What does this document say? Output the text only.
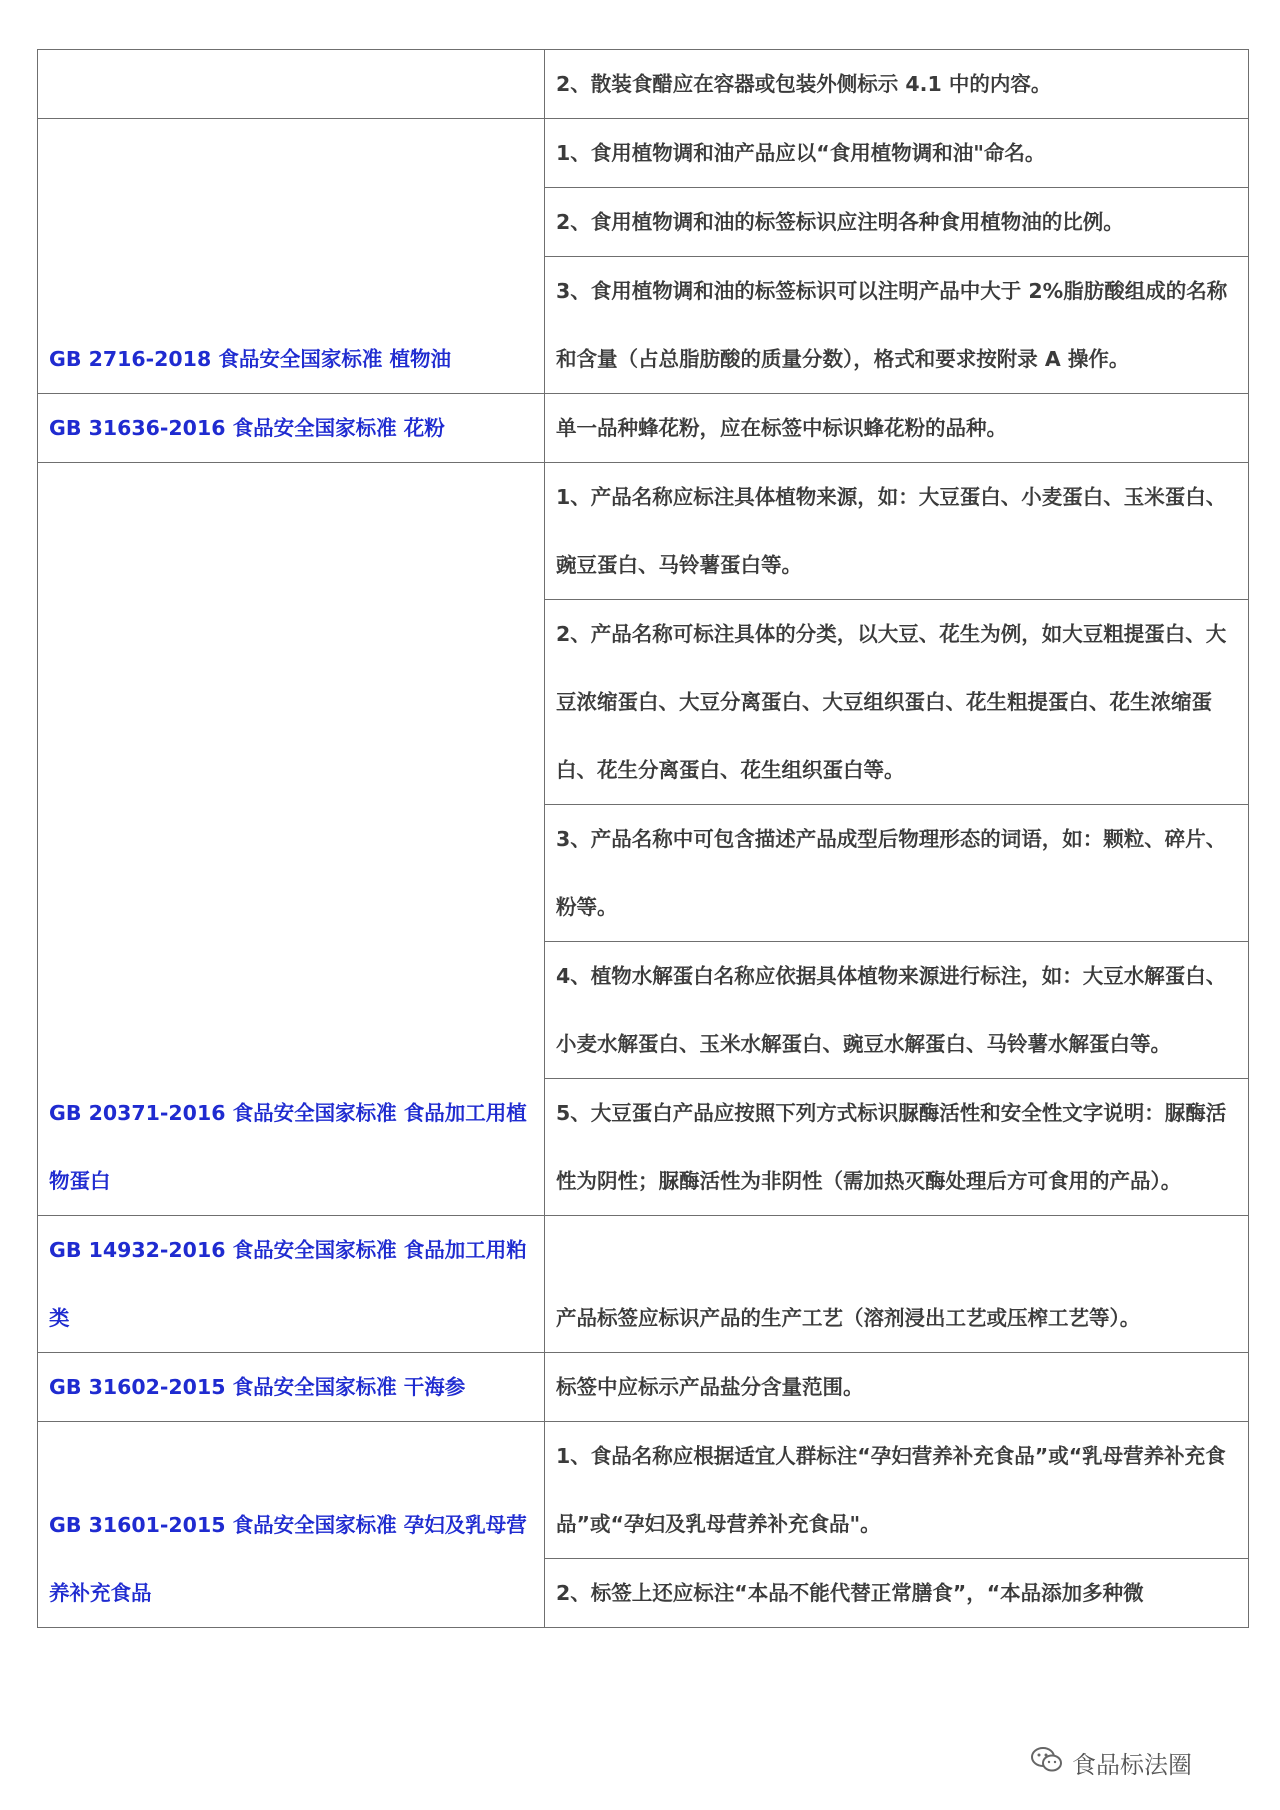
	2、散装食醋应在容器或包装外侧标示 4.1 中的内容。

GB 2716-2018 食品安全国家标准 植物油	1、食用植物调和油产品应以“食用植物调和油"命名。

	2、食用植物调和油的标签标识应注明各种食用植物油的比例。

	3、食用植物调和油的标签标识可以注明产品中大于 2%脂肪酸组成的名称和含量（占总脂肪酸的质量分数），格式和要求按附录 A 操作。

GB 31636-2016 食品安全国家标准 花粉	单一品种蜂花粉，应在标签中标识蜂花粉的品种。

GB 20371-2016 食品安全国家标准 食品加工用植物蛋白	1、产品名称应标注具体植物来源，如：大豆蛋白、小麦蛋白、玉米蛋白、豌豆蛋白、马铃薯蛋白等。

	2、产品名称可标注具体的分类，以大豆、花生为例，如大豆粗提蛋白、大豆浓缩蛋白、大豆分离蛋白、大豆组织蛋白、花生粗提蛋白、花生浓缩蛋白、花生分离蛋白、花生组织蛋白等。

	3、产品名称中可包含描述产品成型后物理形态的词语，如：颗粒、碎片、粉等。

	4、植物水解蛋白名称应依据具体植物来源进行标注，如：大豆水解蛋白、小麦水解蛋白、玉米水解蛋白、豌豆水解蛋白、马铃薯水解蛋白等。

	5、大豆蛋白产品应按照下列方式标识脲酶活性和安全性文字说明：脲酶活性为阴性；脲酶活性为非阴性（需加热灭酶处理后方可食用的产品）。

GB 14932-2016 食品安全国家标准 食品加工用粕类	产品标签应标识产品的生产工艺（溶剂浸出工艺或压榨工艺等）。

GB 31602-2015 食品安全国家标准 干海参	标签中应标示产品盐分含量范围。

GB 31601-2015 食品安全国家标准 孕妇及乳母营养补充食品	1、食品名称应根据适宜人群标注“孕妇营养补充食品”或“乳母营养补充食品”或“孕妇及乳母营养补充食品"。

	2、标签上还应标注“本品不能代替正常膳食”，“本品添加多种微
食品标法圈
